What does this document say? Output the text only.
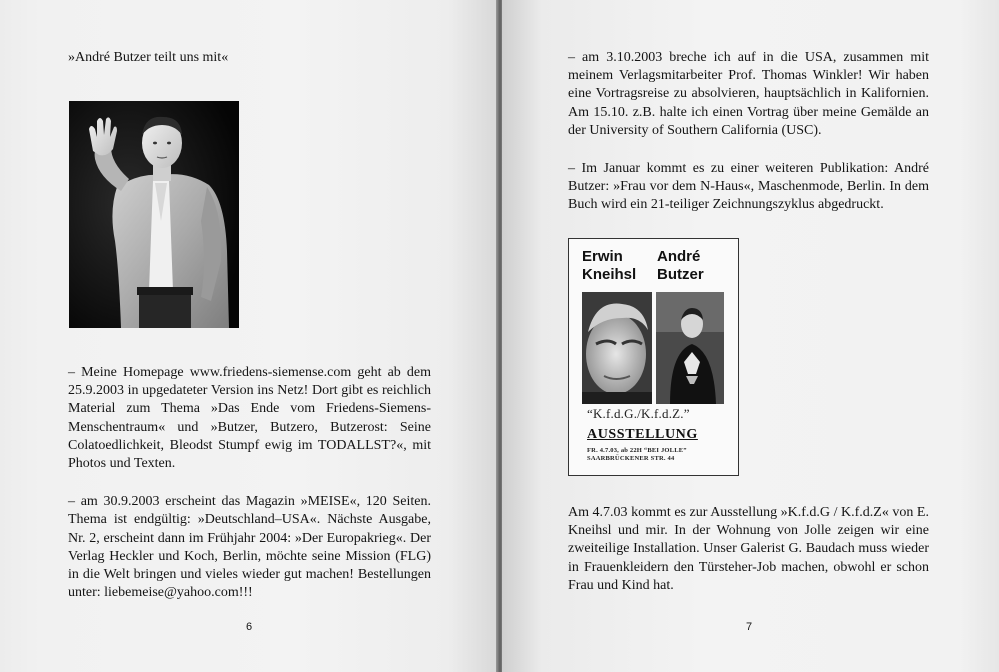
»André Butzer teilt uns mit«

– Meine Homepage www.friedens-siemense.com geht ab dem 25.9.2003 in upgedateter Version ins Netz! Dort gibt es reichlich Material zum Thema »Das Ende vom Friedens-Siemens-Menschentraum« und »Butzer, Butzero, Butzerost: Seine Colatoedlichkeit, Bleodst Stumpf ewig im TODALLST?«, mit Photos und Texten.

– am 30.9.2003 erscheint das Magazin »MEISE«, 120 Seiten. Thema ist endgültig: »Deutschland–USA«. Nächste Ausgabe, Nr. 2, erscheint dann im Frühjahr 2004: »Der Europakrieg«. Der Verlag Heckler und Koch, Berlin, möchte seine Mission (FLG) in die Welt bringen und vieles wieder gut machen! Bestellungen unter: liebemeise@yahoo.com!!!

6

– am 3.10.2003 breche ich auf in die USA, zusammen mit meinem Verlagsmitarbeiter Prof. Thomas Winkler! Wir haben eine Vortragsreise zu absolvieren, hauptsächlich in Kalifornien. Am 15.10. z.B. halte ich einen Vortrag über meine Gemälde an der University of Southern California (USC).

– Im Januar kommt es zu einer weiteren Publikation: André Butzer: »Frau vor dem N-Haus«, Maschenmode, Berlin. In dem Buch wird ein 21-teiliger Zeichnungszyklus abgedruckt.

Am 4.7.03 kommt es zur Ausstellung »K.f.d.G / K.f.d.Z« von E. Kneihsl und mir. In der Wohnung von Jolle zeigen wir eine zweiteilige Installation. Unser Galerist G. Baudach muss wieder in Frauenkleidern den Türsteher-Job machen, obwohl er schon Frau und Kind hat.

7
Erwin
Kneihsl
André
Butzer
“K.f.d.G./K.f.d.Z.”
AUSSTELLUNG
FR. 4.7.03, ab 22H “BEI JOLLE”
SAARBRÜCKENER STR. 44
